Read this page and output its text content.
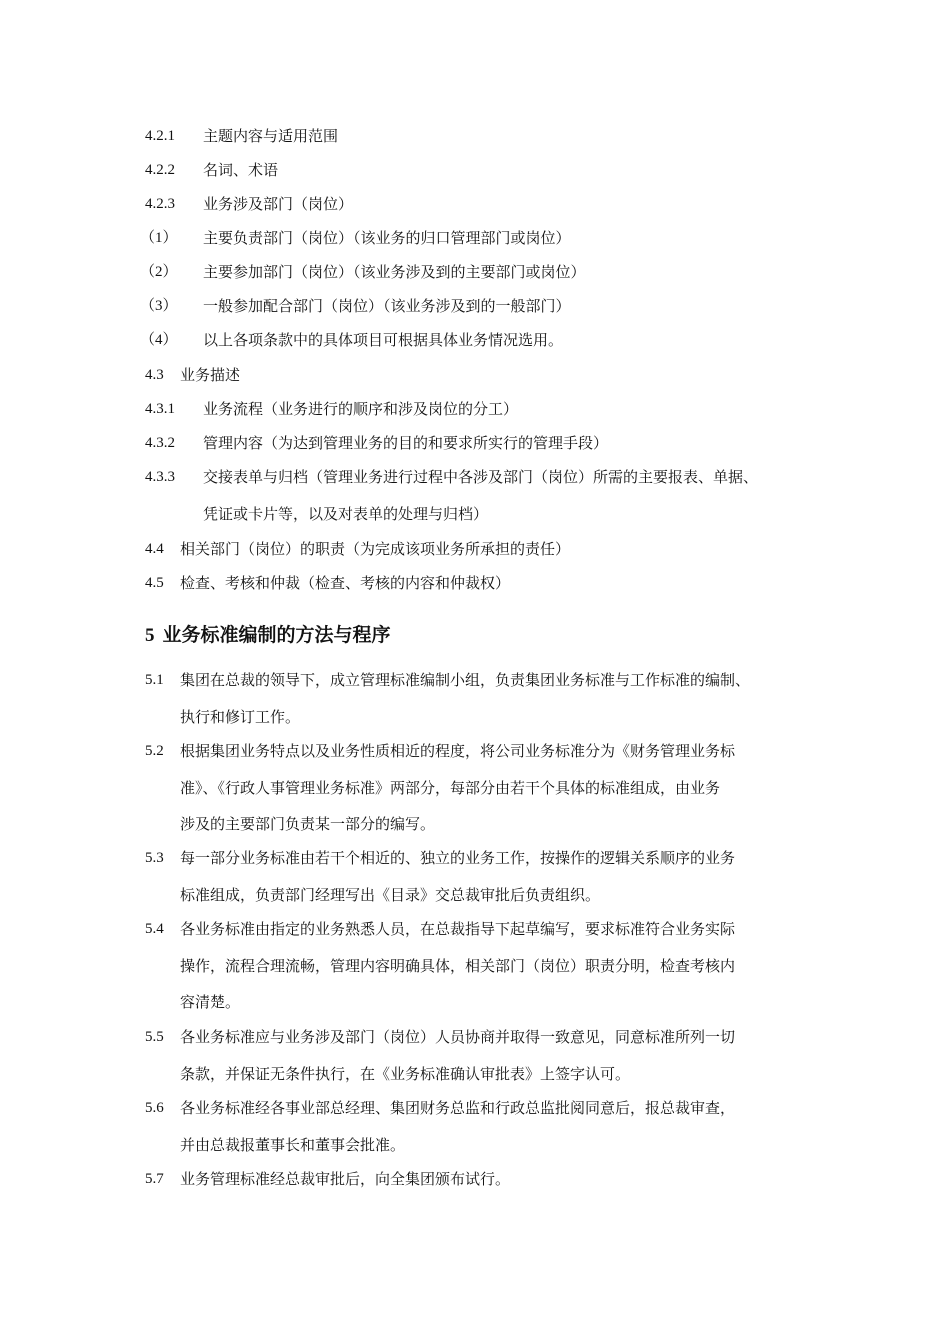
4.2.1 主题内容与适用范围
4.2.2 名词、术语
4.2.3 业务涉及部门（岗位）
（1） 主要负责部门（岗位）（该业务的归口管理部门或岗位）
（2） 主要参加部门（岗位）（该业务涉及到的主要部门或岗位）
（3） 一般参加配合部门（岗位）（该业务涉及到的一般部门）
（4） 以上各项条款中的具体项目可根据具体业务情况选用。
4.3 业务描述
4.3.1 业务流程（业务进行的顺序和涉及岗位的分工）
4.3.2 管理内容（为达到管理业务的目的和要求所实行的管理手段）
4.3.3 交接表单与归档（管理业务进行过程中各涉及部门（岗位）所需的主要报表、单据、
凭证或卡片等，以及对表单的处理与归档）
4.4 相关部门（岗位）的职责（为完成该项业务所承担的责任）
4.5 检查、考核和仲裁（检查、考核的内容和仲裁权）
5 业务标准编制的方法与程序
5.1 集团在总裁的领导下，成立管理标准编制小组，负责集团业务标准与工作标准的编制、
执行和修订工作。
5.2 根据集团业务特点以及业务性质相近的程度，将公司业务标准分为《财务管理业务标
准》、《行政人事管理业务标准》两部分，每部分由若干个具体的标准组成，由业务
涉及的主要部门负责某一部分的编写。
5.3 每一部分业务标准由若干个相近的、独立的业务工作，按操作的逻辑关系顺序的业务
标准组成，负责部门经理写出《目录》交总裁审批后负责组织。
5.4 各业务标准由指定的业务熟悉人员，在总裁指导下起草编写，要求标准符合业务实际
操作，流程合理流畅，管理内容明确具体，相关部门（岗位）职责分明，检查考核内
容清楚。
5.5 各业务标准应与业务涉及部门（岗位）人员协商并取得一致意见，同意标准所列一切
条款，并保证无条件执行，在《业务标准确认审批表》上签字认可。
5.6 各业务标准经各事业部总经理、集团财务总监和行政总监批阅同意后，报总裁审查，
并由总裁报董事长和董事会批准。
5.7 业务管理标准经总裁审批后，向全集团颁布试行。
